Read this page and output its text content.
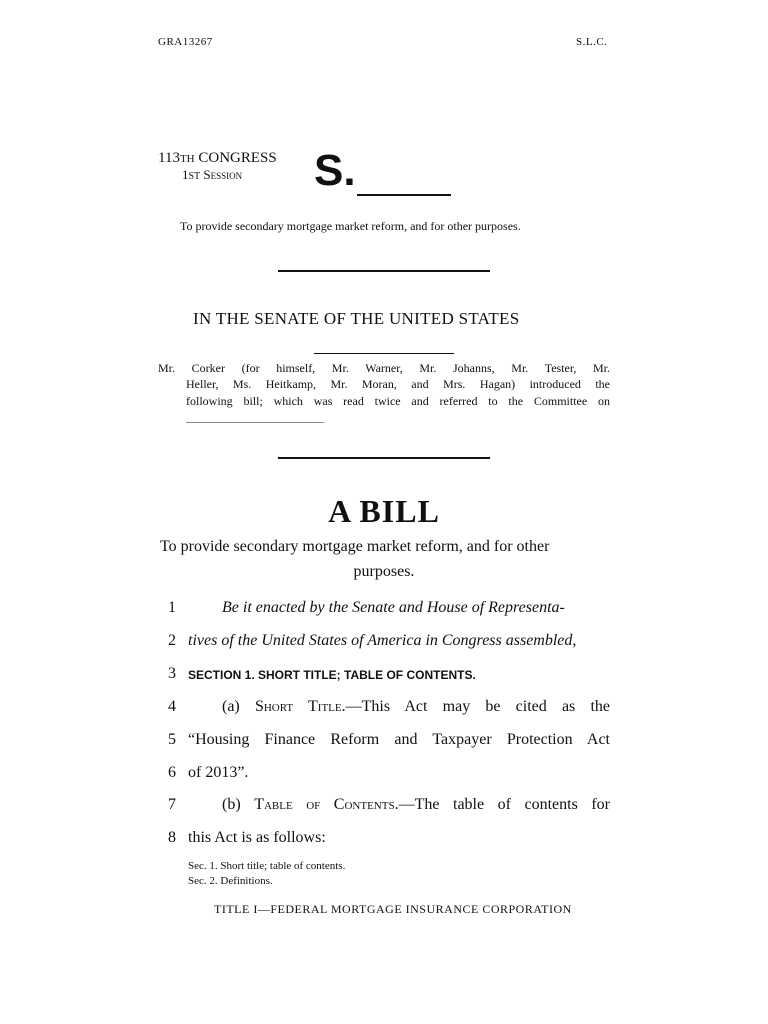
GRA13267	S.L.C.
113TH CONGRESS
1ST Session S.
To provide secondary mortgage market reform, and for other purposes.
IN THE SENATE OF THE UNITED STATES
Mr. Corker (for himself, Mr. Warner, Mr. Johanns, Mr. Tester, Mr.
Heller, Ms. Heitkamp, Mr. Moran, and Mrs. Hagan) introduced the
following bill; which was read twice and referred to the Committee on
A BILL
To provide secondary mortgage market reform, and for other
purposes.
1	Be it enacted by the Senate and House of Representa-
2 tives of the United States of America in Congress assembled,
3 SECTION 1. SHORT TITLE; TABLE OF CONTENTS.
4	(a) Short Title.—This Act may be cited as the
5 “Housing Finance Reform and Taxpayer Protection Act
6 of 2013”.
7	(b) Table of Contents.—The table of contents for
8 this Act is as follows:
Sec. 1. Short title; table of contents.
Sec. 2. Definitions.
TITLE I—FEDERAL MORTGAGE INSURANCE CORPORATION
